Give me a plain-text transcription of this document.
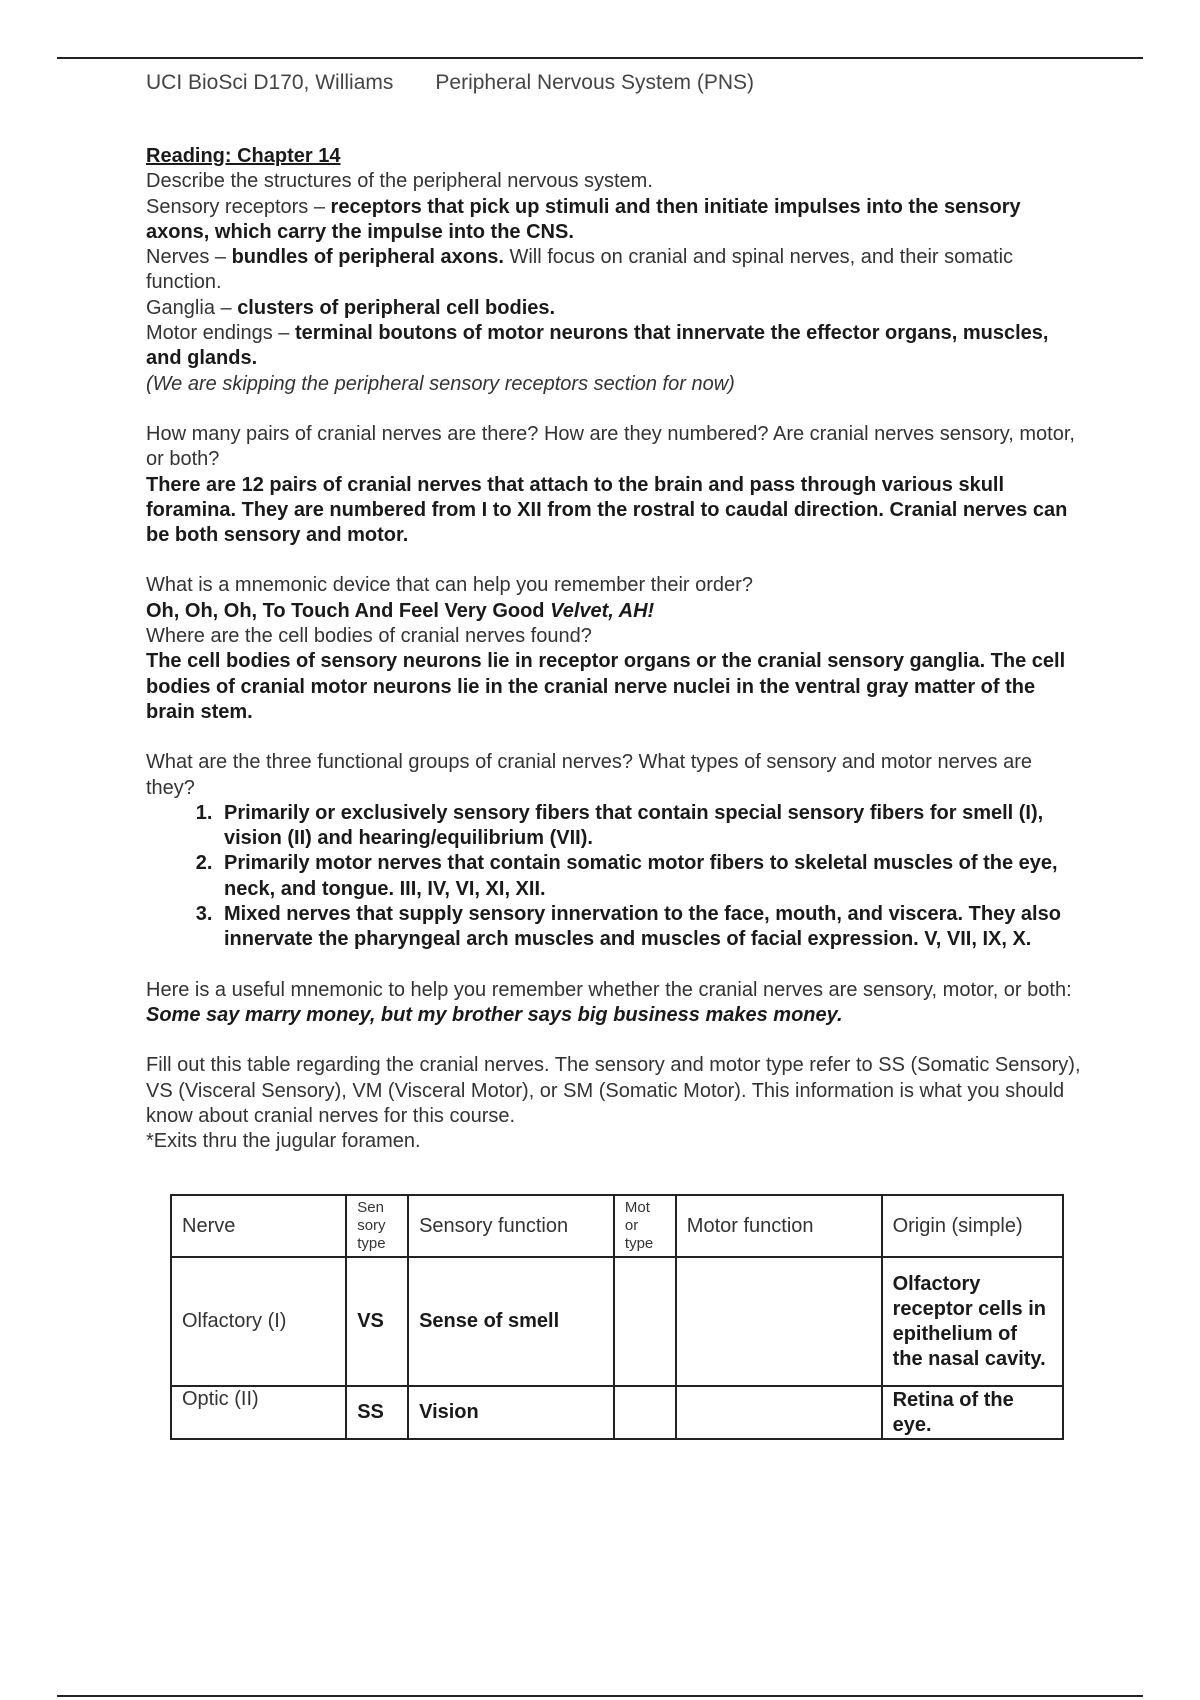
UCI BioSci D170, Williams Peripheral Nervous System (PNS)

Reading: Chapter 14

Describe the structures of the peripheral nervous system.

Sensory receptors – receptors that pick up stimuli and then initiate impulses into the sensory axons, which carry the impulse into the CNS.

Nerves – bundles of peripheral axons. Will focus on cranial and spinal nerves, and their somatic function.

Ganglia – clusters of peripheral cell bodies.

Motor endings – terminal boutons of motor neurons that innervate the effector organs, muscles, and glands.

(We are skipping the peripheral sensory receptors section for now)

How many pairs of cranial nerves are there? How are they numbered? Are cranial nerves sensory, motor, or both?

There are 12 pairs of cranial nerves that attach to the brain and pass through various skull foramina. They are numbered from I to XII from the rostral to caudal direction. Cranial nerves can be both sensory and motor.

What is a mnemonic device that can help you remember their order?

Oh, Oh, Oh, To Touch And Feel Very Good Velvet, AH!

Where are the cell bodies of cranial nerves found?

The cell bodies of sensory neurons lie in receptor organs or the cranial sensory ganglia. The cell bodies of cranial motor neurons lie in the cranial nerve nuclei in the ventral gray matter of the brain stem.

What are the three functional groups of cranial nerves? What types of sensory and motor nerves are they?

1. Primarily or exclusively sensory fibers that contain special sensory fibers for smell (I), vision (II) and hearing/equilibrium (VII).
2. Primarily motor nerves that contain somatic motor fibers to skeletal muscles of the eye, neck, and tongue. III, IV, VI, XI, XII.
3. Mixed nerves that supply sensory innervation to the face, mouth, and viscera. They also innervate the pharyngeal arch muscles and muscles of facial expression. V, VII, IX, X.

Here is a useful mnemonic to help you remember whether the cranial nerves are sensory, motor, or both: Some say marry money, but my brother says big business makes money.

Fill out this table regarding the cranial nerves. The sensory and motor type refer to SS (Somatic Sensory), VS (Visceral Sensory), VM (Visceral Motor), or SM (Somatic Motor). This information is what you should know about cranial nerves for this course.

*Exits thru the jugular foramen.

Nerve	Sen sory type	Sensory function	Mot or type	Motor function	Origin (simple)
Olfactory (I)	VS	Sense of smell			Olfactory receptor cells in epithelium of the nasal cavity.
Optic (II)	SS	Vision			Retina of the eye.
